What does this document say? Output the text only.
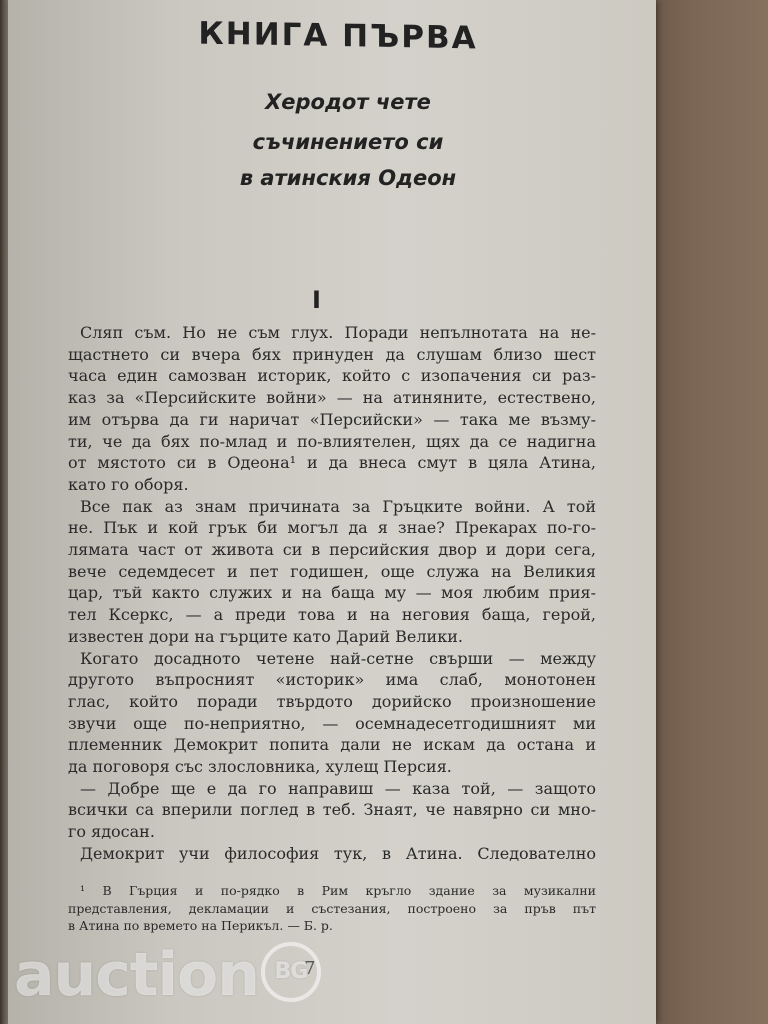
КНИГА ПЪРВА
Херодот чете
съчинението си
в атинския Одеон
I
Сляп съм. Но не съм глух. Поради непълнотата на не-
щастнето си вчера бях принуден да слушам близо шест
часа един самозван историк, който с изопачения си раз-
каз за «Персийските войни» — на атиняните, естествено,
им отърва да ги наричат «Персийски» — така ме възму-
ти, че да бях по-млад и по-влиятелен, щях да се надигна
от мястото си в Одеона¹ и да внеса смут в цяла Атина,
като го оборя.
Все пак аз знам причината за Гръцките войни. А той
не. Пък и кой грък би могъл да я знае? Прекарах по-го-
лямата част от живота си в персийския двор и дори сега,
вече седемдесет и пет годишен, още служа на Великия
цар, тъй както служих и на баща му — моя любим прия-
тел Ксеркс, — а преди това и на неговия баща, герой,
известен дори на гърците като Дарий Велики.
Когато досадното четене най-сетне свърши — между
другото въпросният «историк» има слаб, монотонен
глас, който поради твърдото дорийско произношение
звучи още по-неприятно, — осемнадесетгодишният ми
племенник Демокрит попита дали не искам да остана и
да поговоря със злословника, хулещ Персия.
— Добре ще е да го направиш — каза той, — защото
всички са вперили поглед в теб. Знаят, че навярно си мно-
го ядосан.
Демокрит учи философия тук, в Атина. Следователно
¹ В Гърция и по-рядко в Рим кръгло здание за музикални
представления, декламации и състезания, построено за пръв път
в Атина по времето на Перикъл. — Б. р.
7
auction BG
